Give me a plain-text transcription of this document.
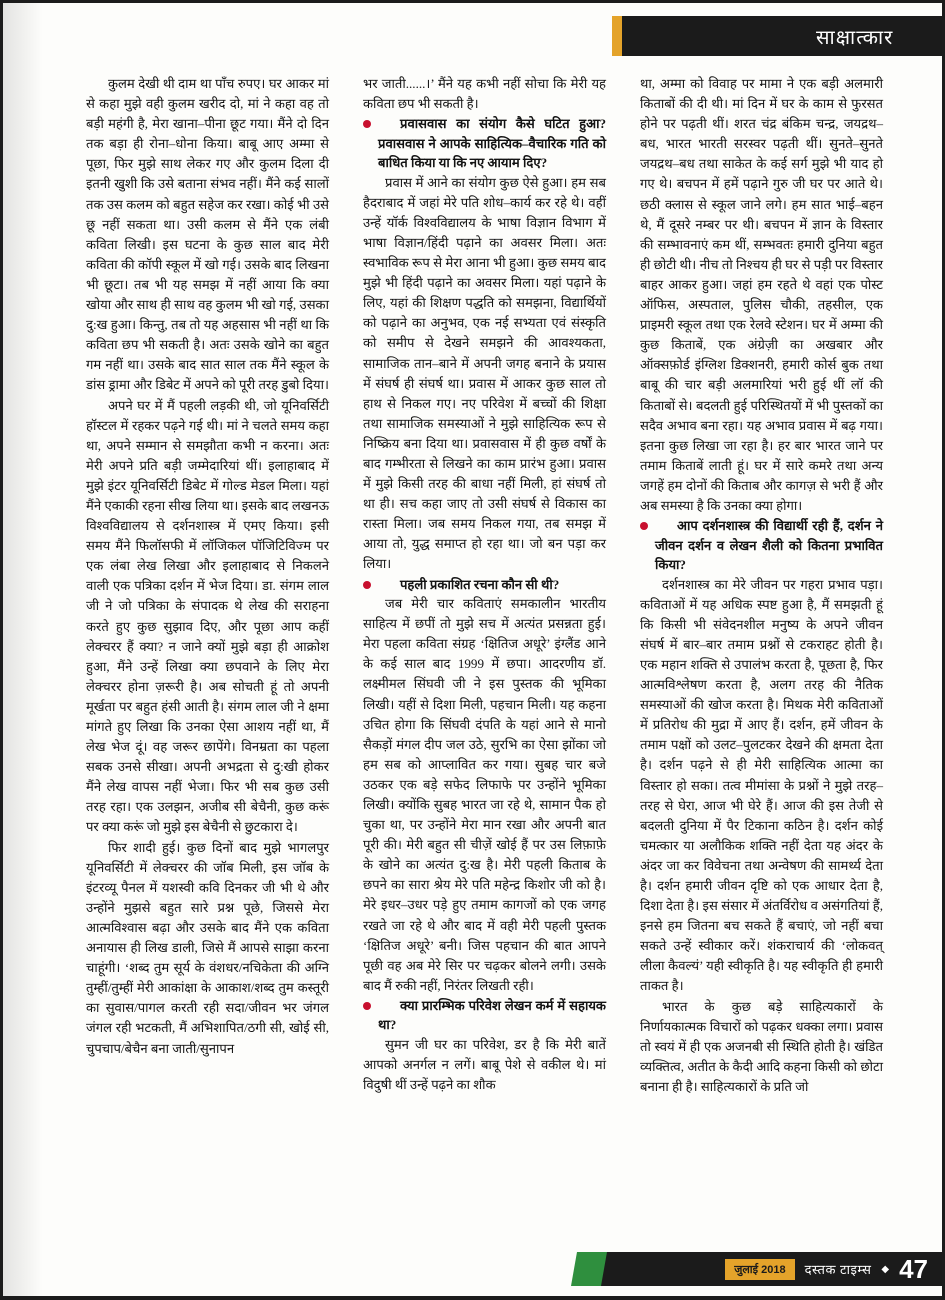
साक्षात्कार

कुलम देखी थी दाम था पाँच रुपए। घर आकर मां से कहा मुझे वही कुलम खरीद दो, मां ने कहा वह तो बड़ी महंगी है, मेरा खाना–पीना छूट गया। मैंने दो दिन तक बड़ा ही रोना–धोना किया। बाबू आए अम्मा से पूछा, फिर मुझे साथ लेकर गए और कुलम दिला दी इतनी खुशी कि उसे बताना संभव नहीं। मैंने कई सालों तक उस कलम को बहुत सहेज कर रखा। कोई भी उसे छू नहीं सकता था। उसी कलम से मैंने एक लंबी कविता लिखी। इस घटना के कुछ साल बाद मेरी कविता की कॉपी स्कूल में खो गई। उसके बाद लिखना भी छूटा। तब भी यह समझ में नहीं आया कि क्या खोया और साथ ही साथ वह कुलम भी खो गई, उसका दु:ख हुआ। किन्तु, तब तो यह अहसास भी नहीं था कि कविता छप भी सकती है। अतः उसके खोने का बहुत गम नहीं था। उसके बाद सात साल तक मैंने स्कूल के डांस ड्रामा और डिबेट में अपने को पूरी तरह डुबो दिया।

अपने घर में मैं पहली लड़की थी, जो यूनिवर्सिटी हॉस्टल में रहकर पढ़ने गई थी। मां ने चलते समय कहा था, अपने सम्मान से समझौता कभी न करना। अतः मेरी अपने प्रति बड़ी जम्मेदारियां थीं। इलाहाबाद में मुझे इंटर यूनिवर्सिटी डिबेट में गोल्ड मेडल मिला। यहां मैंने एकाकी रहना सीख लिया था। इसके बाद लखनऊ विश्वविद्यालय से दर्शनशास्त्र में एमए किया। इसी समय मैंने फिलॉसफी में लॉजिकल पॉजिटिविज्म पर एक लंबा लेख लिखा और इलाहाबाद से निकलने वाली एक पत्रिका दर्शन में भेज दिया। डा. संगम लाल जी ने जो पत्रिका के संपादक थे लेख की सराहना करते हुए कुछ सुझाव दिए, और पूछा आप कहीं लेक्चरर हैं क्या? न जाने क्यों मुझे बड़ा ही आक्रोश हुआ, मैंने उन्हें लिखा क्या छपवाने के लिए मेरा लेक्चरर होना ज़रूरी है। अब सोचती हूं तो अपनी मूर्खता पर बहुत हंसी आती है। संगम लाल जी ने क्षमा मांगते हुए लिखा कि उनका ऐसा आशय नहीं था, मैं लेख भेज दूं। वह जरूर छापेंगे। विनम्रता का पहला सबक उनसे सीखा। अपनी अभद्रता से दु:खी होकर मैंने लेख वापस नहीं भेजा। फिर भी सब कुछ उसी तरह रहा। एक उलझन, अजीब सी बेचैनी, कुछ करूं पर क्या करूं जो मुझे इस बेचैनी से छुटकारा दे।

फिर शादी हुई। कुछ दिनों बाद मुझे भागलपुर यूनिवर्सिटी में लेक्चरर की जॉब मिली, इस जॉब के इंटरव्यू पैनल में यशस्वी कवि दिनकर जी भी थे और उन्होंने मुझसे बहुत सारे प्रश्न पूछे, जिससे मेरा आत्मविश्वास बढ़ा और उसके बाद मैंने एक कविता अनायास ही लिख डाली, जिसे मैं आपसे साझा करना चाहूंगी। ‘शब्द तुम सूर्य के वंशधर/नचिकेता की अग्नि तुम्हीं/तुम्हीं मेरी आकांक्षा के आकाश/शब्द तुम कस्तूरी का सुवास/पागल करती रही सदा/जीवन भर जंगल जंगल रही भटकती, मैं अभिशापित/ठगी सी, खोई सी, चुपचाप/बेचैन बना जाती/सुनापन

भर जाती......।’ मैंने यह कभी नहीं सोचा कि मेरी यह कविता छप भी सकती है।

प्रवासवास का संयोग कैसे घटित हुआ? प्रवासवास ने आपके साहित्यिक–वैचारिक गति को बाधित किया या कि नए आयाम दिए?

प्रवास में आने का संयोग कुछ ऐसे हुआ। हम सब हैदराबाद में जहां मेरे पति शोध–कार्य कर रहे थे। वहीं उन्हें यॉर्क विश्वविद्यालय के भाषा विज्ञान विभाग में भाषा विज्ञान/हिंदी पढ़ाने का अवसर मिला। अतः स्वभाविक रूप से मेरा आना भी हुआ। कुछ समय बाद मुझे भी हिंदी पढ़ाने का अवसर मिला। यहां पढ़ाने के लिए, यहां की शिक्षण पद्धति को समझना, विद्यार्थियों को पढ़ाने का अनुभव, एक नई सभ्यता एवं संस्कृति को समीप से देखने समझने की आवश्यकता, सामाजिक तान–बाने में अपनी जगह बनाने के प्रयास में संघर्ष ही संघर्ष था। प्रवास में आकर कुछ साल तो हाथ से निकल गए। नए परिवेश में बच्चों की शिक्षा तथा सामाजिक समस्याओं ने मुझे साहित्यिक रूप से निष्क्रिय बना दिया था। प्रवासवास में ही कुछ वर्षों के बाद गम्भीरता से लिखने का काम प्रारंभ हुआ। प्रवास में मुझे किसी तरह की बाधा नहीं मिली, हां संघर्ष तो था ही। सच कहा जाए तो उसी संघर्ष से विकास का रास्ता मिला। जब समय निकल गया, तब समझ में आया तो, युद्ध समाप्त हो रहा था। जो बन पड़ा कर लिया।

पहली प्रकाशित रचना कौन सी थी?

जब मेरी चार कविताएं समकालीन भारतीय साहित्य में छपीं तो मुझे सच में अत्यंत प्रसन्नता हुई। मेरा पहला कविता संग्रह ‘क्षितिज अधूरे’ इंग्लैंड आने के कई साल बाद 1999 में छपा। आदरणीय डॉ. लक्ष्मीमल सिंघवी जी ने इस पुस्तक की भूमिका लिखी। यहीं से दिशा मिली, पहचान मिली। यह कहना उचित होगा कि सिंघवी दंपति के यहां आने से मानो सैकड़ों मंगल दीप जल उठे, सुरभि का ऐसा झोंका जो हम सब को आप्लावित कर गया। सुबह चार बजे उठकर एक बड़े सफेद लिफाफे पर उन्होंने भूमिका लिखी। क्योंकि सुबह भारत जा रहे थे, सामान पैक हो चुका था, पर उन्होंने मेरा मान रखा और अपनी बात पूरी की। मेरी बहुत सी चीज़ें खोई हैं पर उस लिफ़ाफ़े के खोने का अत्यंत दु:ख है। मेरी पहली किताब के छपने का सारा श्रेय मेरे पति महेन्द्र किशोर जी को है। मेरे इधर–उधर पड़े हुए तमाम कागजों को एक जगह रखते जा रहे थे और बाद में वही मेरी पहली पुस्तक ‘क्षितिज अधूरे’ बनी। जिस पहचान की बात आपने पूछी वह अब मेरे सिर पर चढ़कर बोलने लगी। उसके बाद मैं रुकी नहीं, निरंतर लिखती रही।

क्या प्रारम्भिक परिवेश लेखन कर्म में सहायक था?

सुमन जी घर का परिवेश, डर है कि मेरी बातें आपको अनर्गल न लगें। बाबू पेशे से वकील थे। मां विदुषी थीं उन्हें पढ़ने का शौक

था, अम्मा को विवाह पर मामा ने एक बड़ी अलमारी किताबों की दी थी। मां दिन में घर के काम से फुरसत होने पर पढ़ती थीं। शरत चंद्र बंकिम चन्द्र, जयद्रथ–बध, भारत भारती सरस्वर पढ़ती थीं। सुनते–सुनते जयद्रथ–बध तथा साकेत के कई सर्ग मुझे भी याद हो गए थे। बचपन में हमें पढ़ाने गुरु जी घर पर आते थे। छठी क्लास से स्कूल जाने लगे। हम सात भाई–बहन थे, मैं दूसरे नम्बर पर थी। बचपन में ज्ञान के विस्तार की सम्भावनाएं कम थीं, सम्भवतः हमारी दुनिया बहुत ही छोटी थी। नीच तो निश्चय ही घर से पड़ी पर विस्तार बाहर आकर हुआ। जहां हम रहते थे वहां एक पोस्ट ऑफिस, अस्पताल, पुलिस चौकी, तहसील, एक प्राइमरी स्कूल तथा एक रेलवे स्टेशन। घर में अम्मा की कुछ किताबें, एक अंग्रेज़ी का अखबार और ऑक्सफ़ोर्ड इंग्लिश डिक्शनरी, हमारी कोर्स बुक तथा बाबू की चार बड़ी अलमारियां भरी हुई थीं लॉ की किताबों से। बदलती हुई परिस्थितयों में भी पुस्तकों का सदैव अभाव बना रहा। यह अभाव प्रवास में बढ़ गया। इतना कुछ लिखा जा रहा है। हर बार भारत जाने पर तमाम किताबें लाती हूं। घर में सारे कमरे तथा अन्य जगहें हम दोनों की किताब और कागज़ से भरी हैं और अब समस्या है कि उनका क्या होगा।

आप दर्शनशास्त्र की विद्यार्थी रही हैं, दर्शन ने जीवन दर्शन व लेखन शैली को कितना प्रभावित किया?

दर्शनशास्त्र का मेरे जीवन पर गहरा प्रभाव पड़ा। कविताओं में यह अधिक स्पष्ट हुआ है, मैं समझती हूं कि किसी भी संवेदनशील मनुष्य के अपने जीवन संघर्ष में बार–बार तमाम प्रश्नों से टकराहट होती है। एक महान शक्ति से उपालंभ करता है, पूछता है, फिर आत्मविश्लेषण करता है, अलग तरह की नैतिक समस्याओं की खोज करता है। मिथक मेरी कविताओं में प्रतिरोध की मुद्रा में आए हैं। दर्शन, हमें जीवन के तमाम पक्षों को उलट–पुलटकर देखने की क्षमता देता है। दर्शन पढ़ने से ही मेरी साहित्यिक आत्मा का विस्तार हो सका। तत्व मीमांसा के प्रश्नों ने मुझे तरह–तरह से घेरा, आज भी घेरे हैं। आज की इस तेजी से बदलती दुनिया में पैर टिकाना कठिन है। दर्शन कोई चमत्कार या अलौकिक शक्ति नहीं देता यह अंदर के अंदर जा कर विवेचना तथा अन्वेषण की सामर्थ्य देता है। दर्शन हमारी जीवन दृष्टि को एक आधार देता है, दिशा देता है। इस संसार में अंतर्विरोध व असंगतियां हैं, इनसे हम जितना बच सकते हैं बचाएं, जो नहीं बचा सकते उन्हें स्वीकार करें। शंकराचार्य की ‘लोकवत् लीला कैवल्यं’ यही स्वीकृति है। यह स्वीकृति ही हमारी ताकत है।

भारत के कुछ बड़े साहित्यकारों के निर्णायकात्मक विचारों को पढ़कर धक्का लगा। प्रवास तो स्वयं में ही एक अजनबी सी स्थिति होती है। खंडित व्यक्तित्व, अतीत के कैदी आदि कहना किसी को छोटा बनाना ही है। साहित्यकारों के प्रति जो

जुलाई 2018	दस्तक टाइम्स ◆ 47
